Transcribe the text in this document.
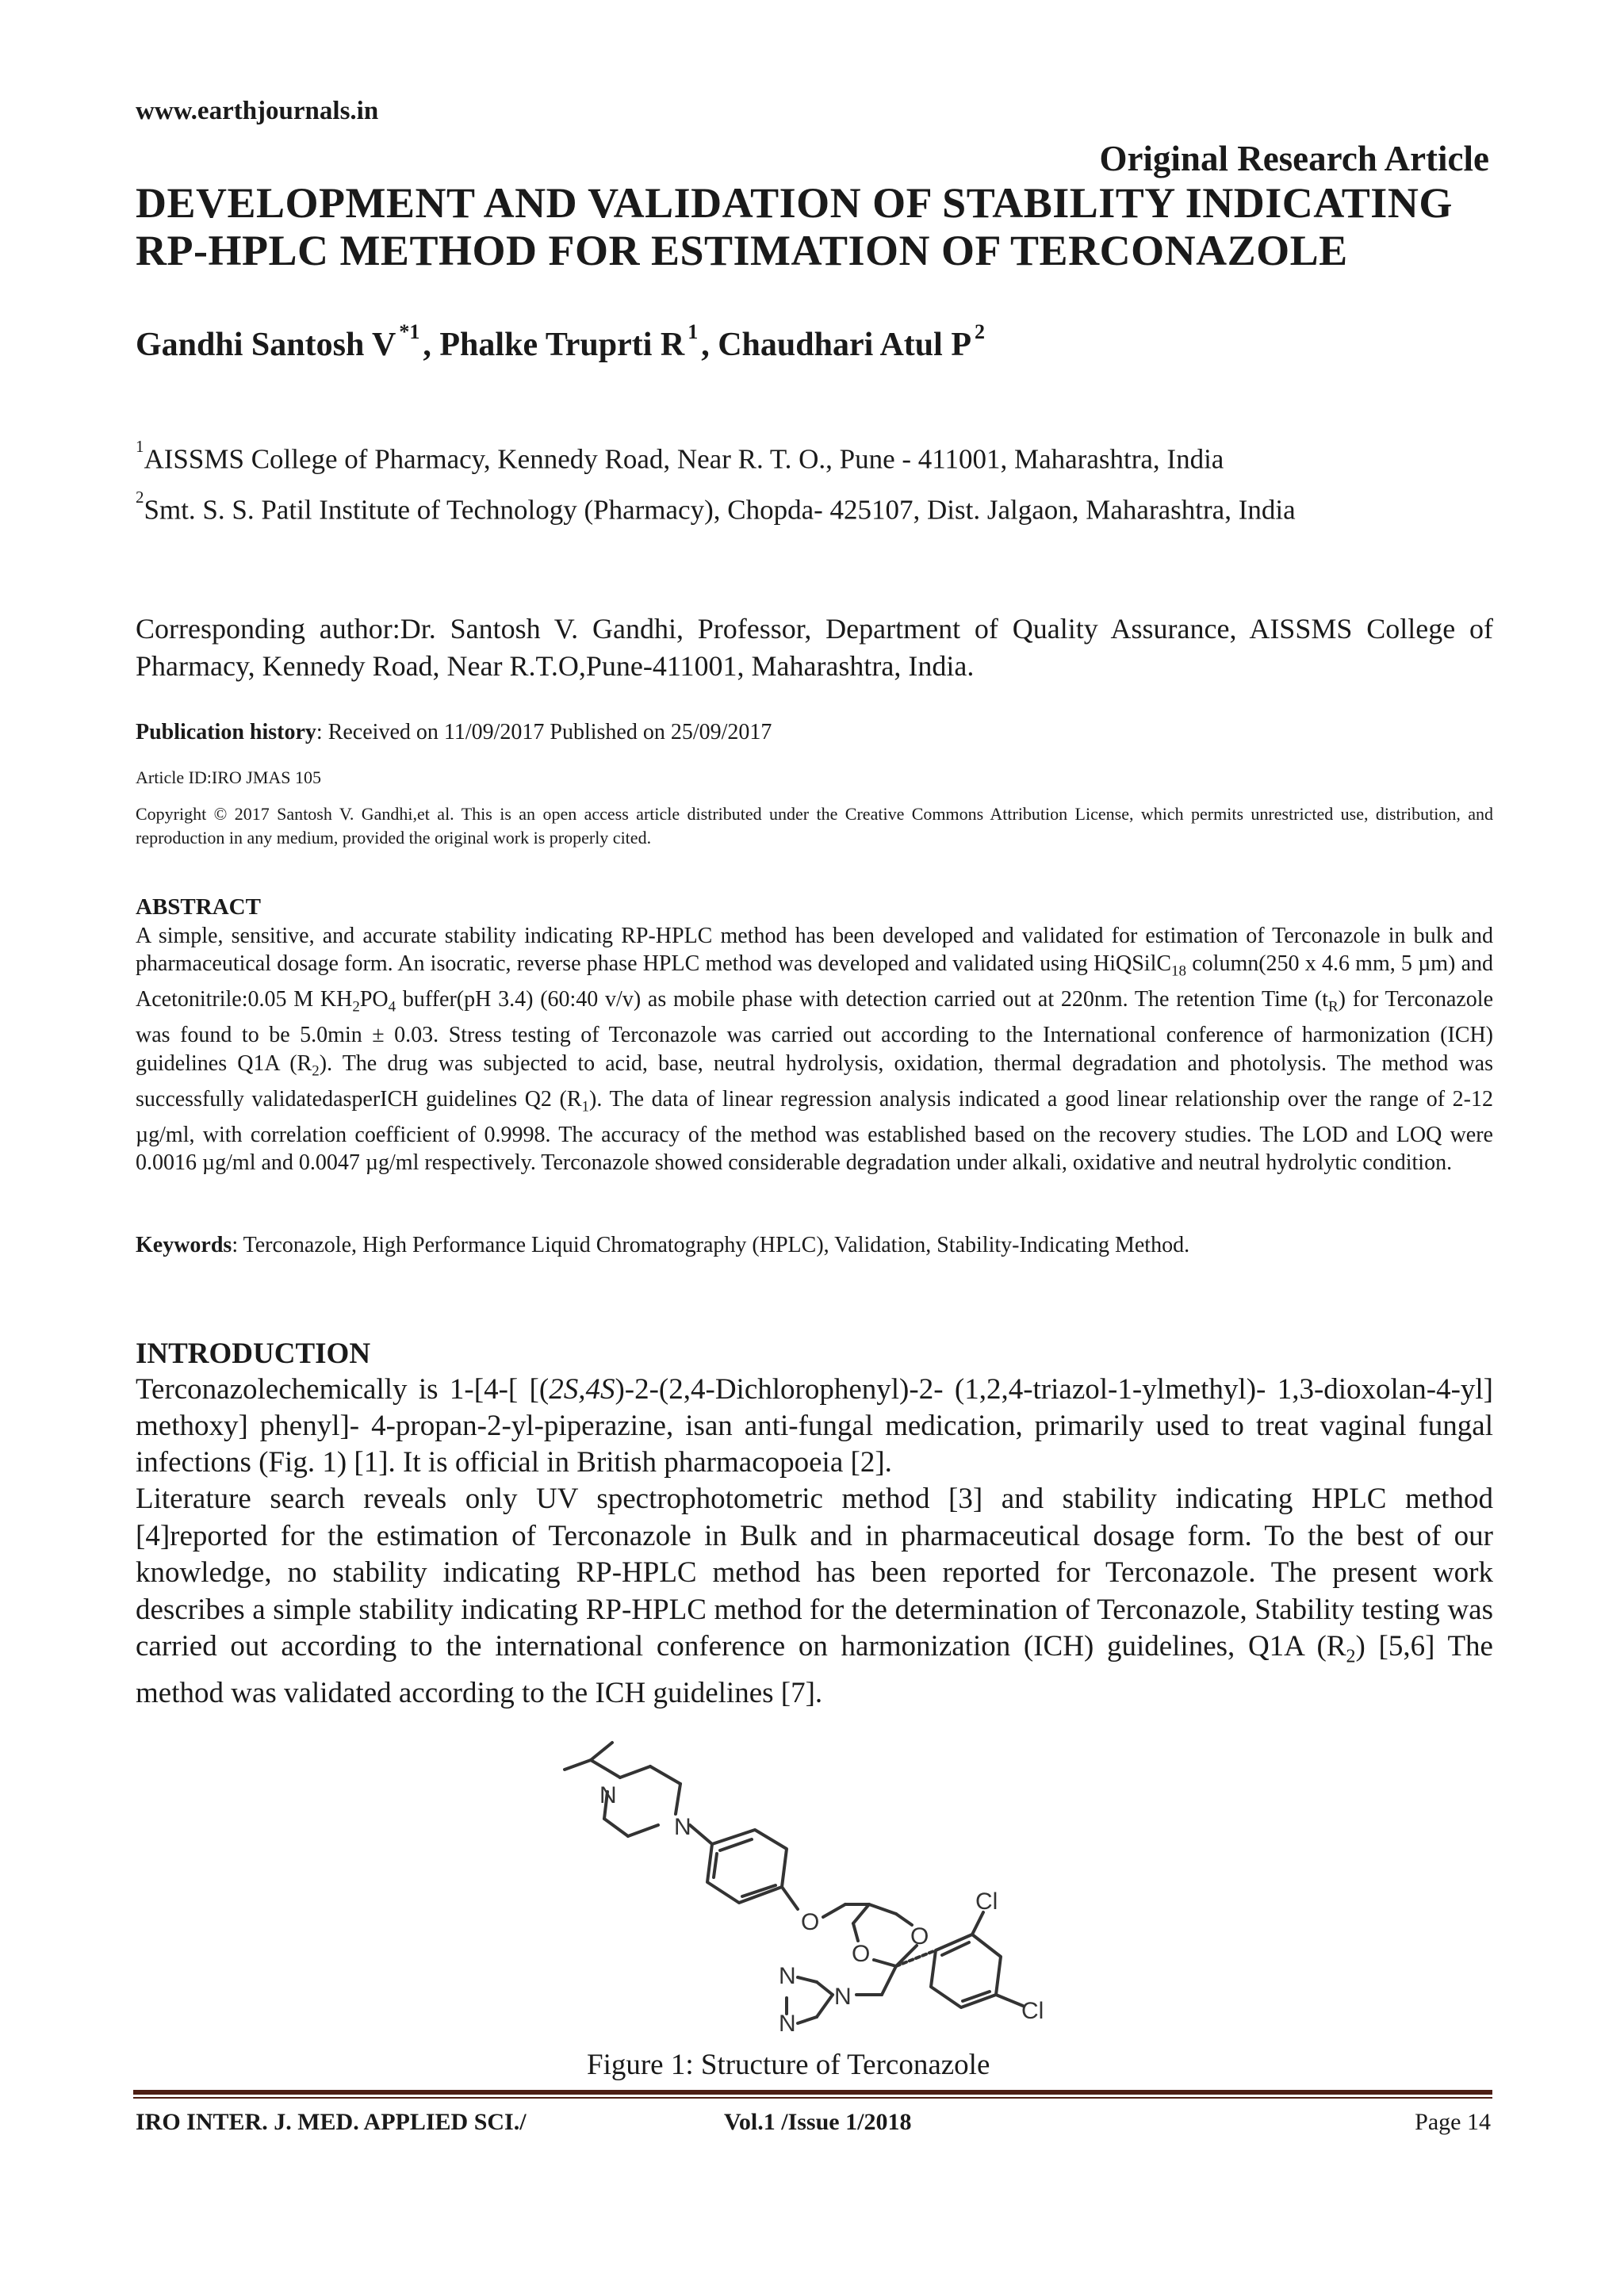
www.earthjournals.in
Original Research Article
DEVELOPMENT AND VALIDATION OF STABILITY INDICATING RP-HPLC METHOD FOR ESTIMATION OF TERCONAZOLE
Gandhi Santosh V $^{*1}$, Phalke Truprti R $^1$, Chaudhari Atul P $^2$

$^1$AISSMS College of Pharmacy, Kennedy Road, Near R. T. O., Pune - 411001, Maharashtra, India

$^2$Smt. S. S. Patil Institute of Technology (Pharmacy), Chopda- 425107, Dist. Jalgaon, Maharashtra, India

Corresponding author:Dr. Santosh V. Gandhi, Professor, Department of Quality Assurance, AISSMS College of Pharmacy, Kennedy Road, Near R.T.O,Pune-411001, Maharashtra, India.

Publication history: Received on 11/09/2017 Published on 25/09/2017
Article ID:IRO JMAS 105

Copyright © 2017 Santosh V. Gandhi,et al. This is an open access article distributed under the Creative Commons Attribution License, which permits unrestricted use, distribution, and reproduction in any medium, provided the original work is properly cited.

ABSTRACT

A simple, sensitive, and accurate stability indicating RP-HPLC method has been developed and validated for estimation of Terconazole in bulk and pharmaceutical dosage form. An isocratic, reverse phase HPLC method was developed and validated using HiQSilC$_{18}$ column(250 x 4.6 mm, 5 µm) and Acetonitrile:0.05 M $KH_2PO_4$ buffer(pH 3.4) (60:40 v/v) as mobile phase with detection carried out at 220nm. The retention Time $(t_R)$ for Terconazole was found to be 5.0min ± 0.03. Stress testing of Terconazole was carried out according to the International conference of harmonization (ICH) guidelines Q1A $(R_2)$. The drug was subjected to acid, base, neutral hydrolysis, oxidation, thermal degradation and photolysis. The method was successfully validatedasperICH guidelines Q2 $(R_1)$. The data of linear regression analysis indicated a good linear relationship over the range of 2-12 µg/ml, with correlation coefficient of 0.9998. The accuracy of the method was established based on the recovery studies. The LOD and LOQ were 0.0016 µg/ml and 0.0047 µg/ml respectively. Terconazole showed considerable degradation under alkali, oxidative and neutral hydrolytic condition.

Keywords: Terconazole, High Performance Liquid Chromatography (HPLC), Validation, Stability-Indicating Method.

INTRODUCTION

Terconazolechemically is 1-[4-[ [(2S,4S)-2-(2,4-Dichlorophenyl)-2- (1,2,4-triazol-1-ylmethyl)- 1,3-dioxolan-4-yl] methoxy] phenyl]- 4-propan-2-yl-piperazine, isan anti-fungal medication, primarily used to treat vaginal fungal infections (Fig. 1) [1]. It is official in British pharmacopoeia [2].

Literature search reveals only UV spectrophotometric method [3] and stability indicating HPLC method [4]reported for the estimation of Terconazole in Bulk and in pharmaceutical dosage form. To the best of our knowledge, no stability indicating RP-HPLC method has been reported for Terconazole. The present work describes a simple stability indicating RP-HPLC method for the determination of Terconazole, Stability testing was carried out according to the international conference on harmonization (ICH) guidelines, Q1A $(R_2)$ [5,6] The method was validated according to the ICH guidelines [7].

N
N
O
O
O
Cl
Cl
N
N
N
Figure 1: Structure of Terconazole
IRO INTER. J. MED. APPLIED SCI./	Vol.1 /Issue 1/2018	Page 14
